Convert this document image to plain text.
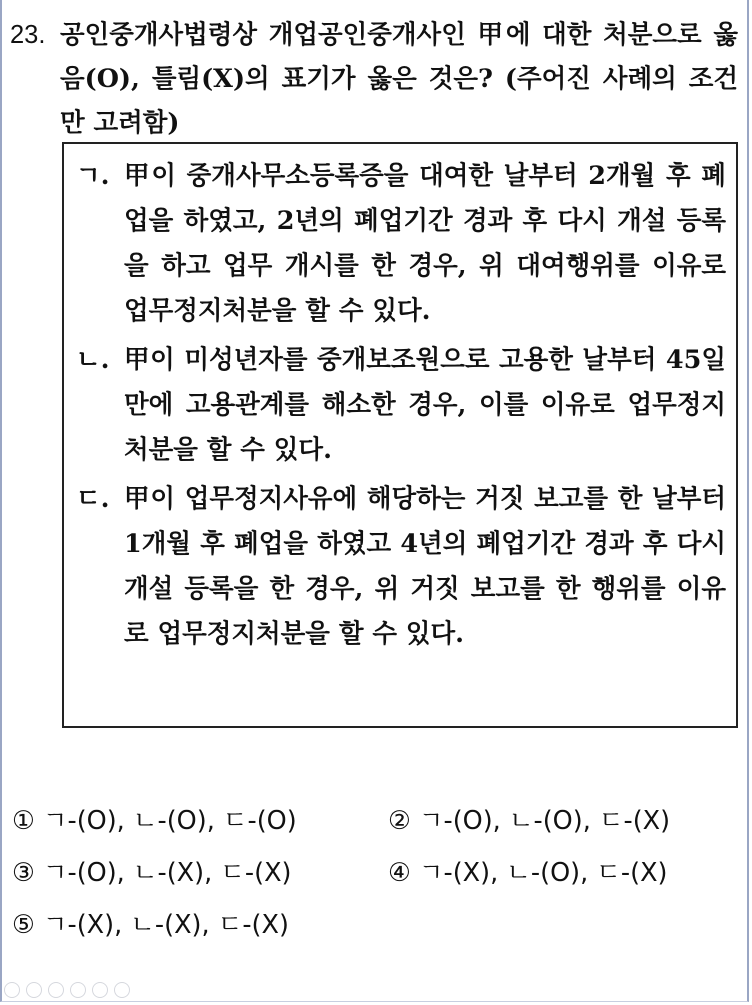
23. 공인중개사법령상 개업공인중개사인 甲에 대한 처분으로 옳음(O), 틀림(X)의 표기가 옳은 것은? (주어진 사례의 조건만 고려함)
ㄱ. 甲이 중개사무소등록증을 대여한 날부터 2개월 후 폐업을 하였고, 2년의 폐업기간 경과 후 다시 개설 등록을 하고 업무 개시를 한 경우, 위 대여행위를 이유로 업무정지처분을 할 수 있다.
ㄴ. 甲이 미성년자를 중개보조원으로 고용한 날부터 45일 만에 고용관계를 해소한 경우, 이를 이유로 업무정지처분을 할 수 있다.
ㄷ. 甲이 업무정지사유에 해당하는 거짓 보고를 한 날부터 1개월 후 폐업을 하였고 4년의 폐업기간 경과 후 다시 개설 등록을 한 경우, 위 거짓 보고를 한 행위를 이유로 업무정지처분을 할 수 있다.
① ㄱ-(O), ㄴ-(O), ㄷ-(O)	② ㄱ-(O), ㄴ-(O), ㄷ-(X)
③ ㄱ-(O), ㄴ-(X), ㄷ-(X)	④ ㄱ-(X), ㄴ-(O), ㄷ-(X)
⑤ ㄱ-(X), ㄴ-(X), ㄷ-(X)
